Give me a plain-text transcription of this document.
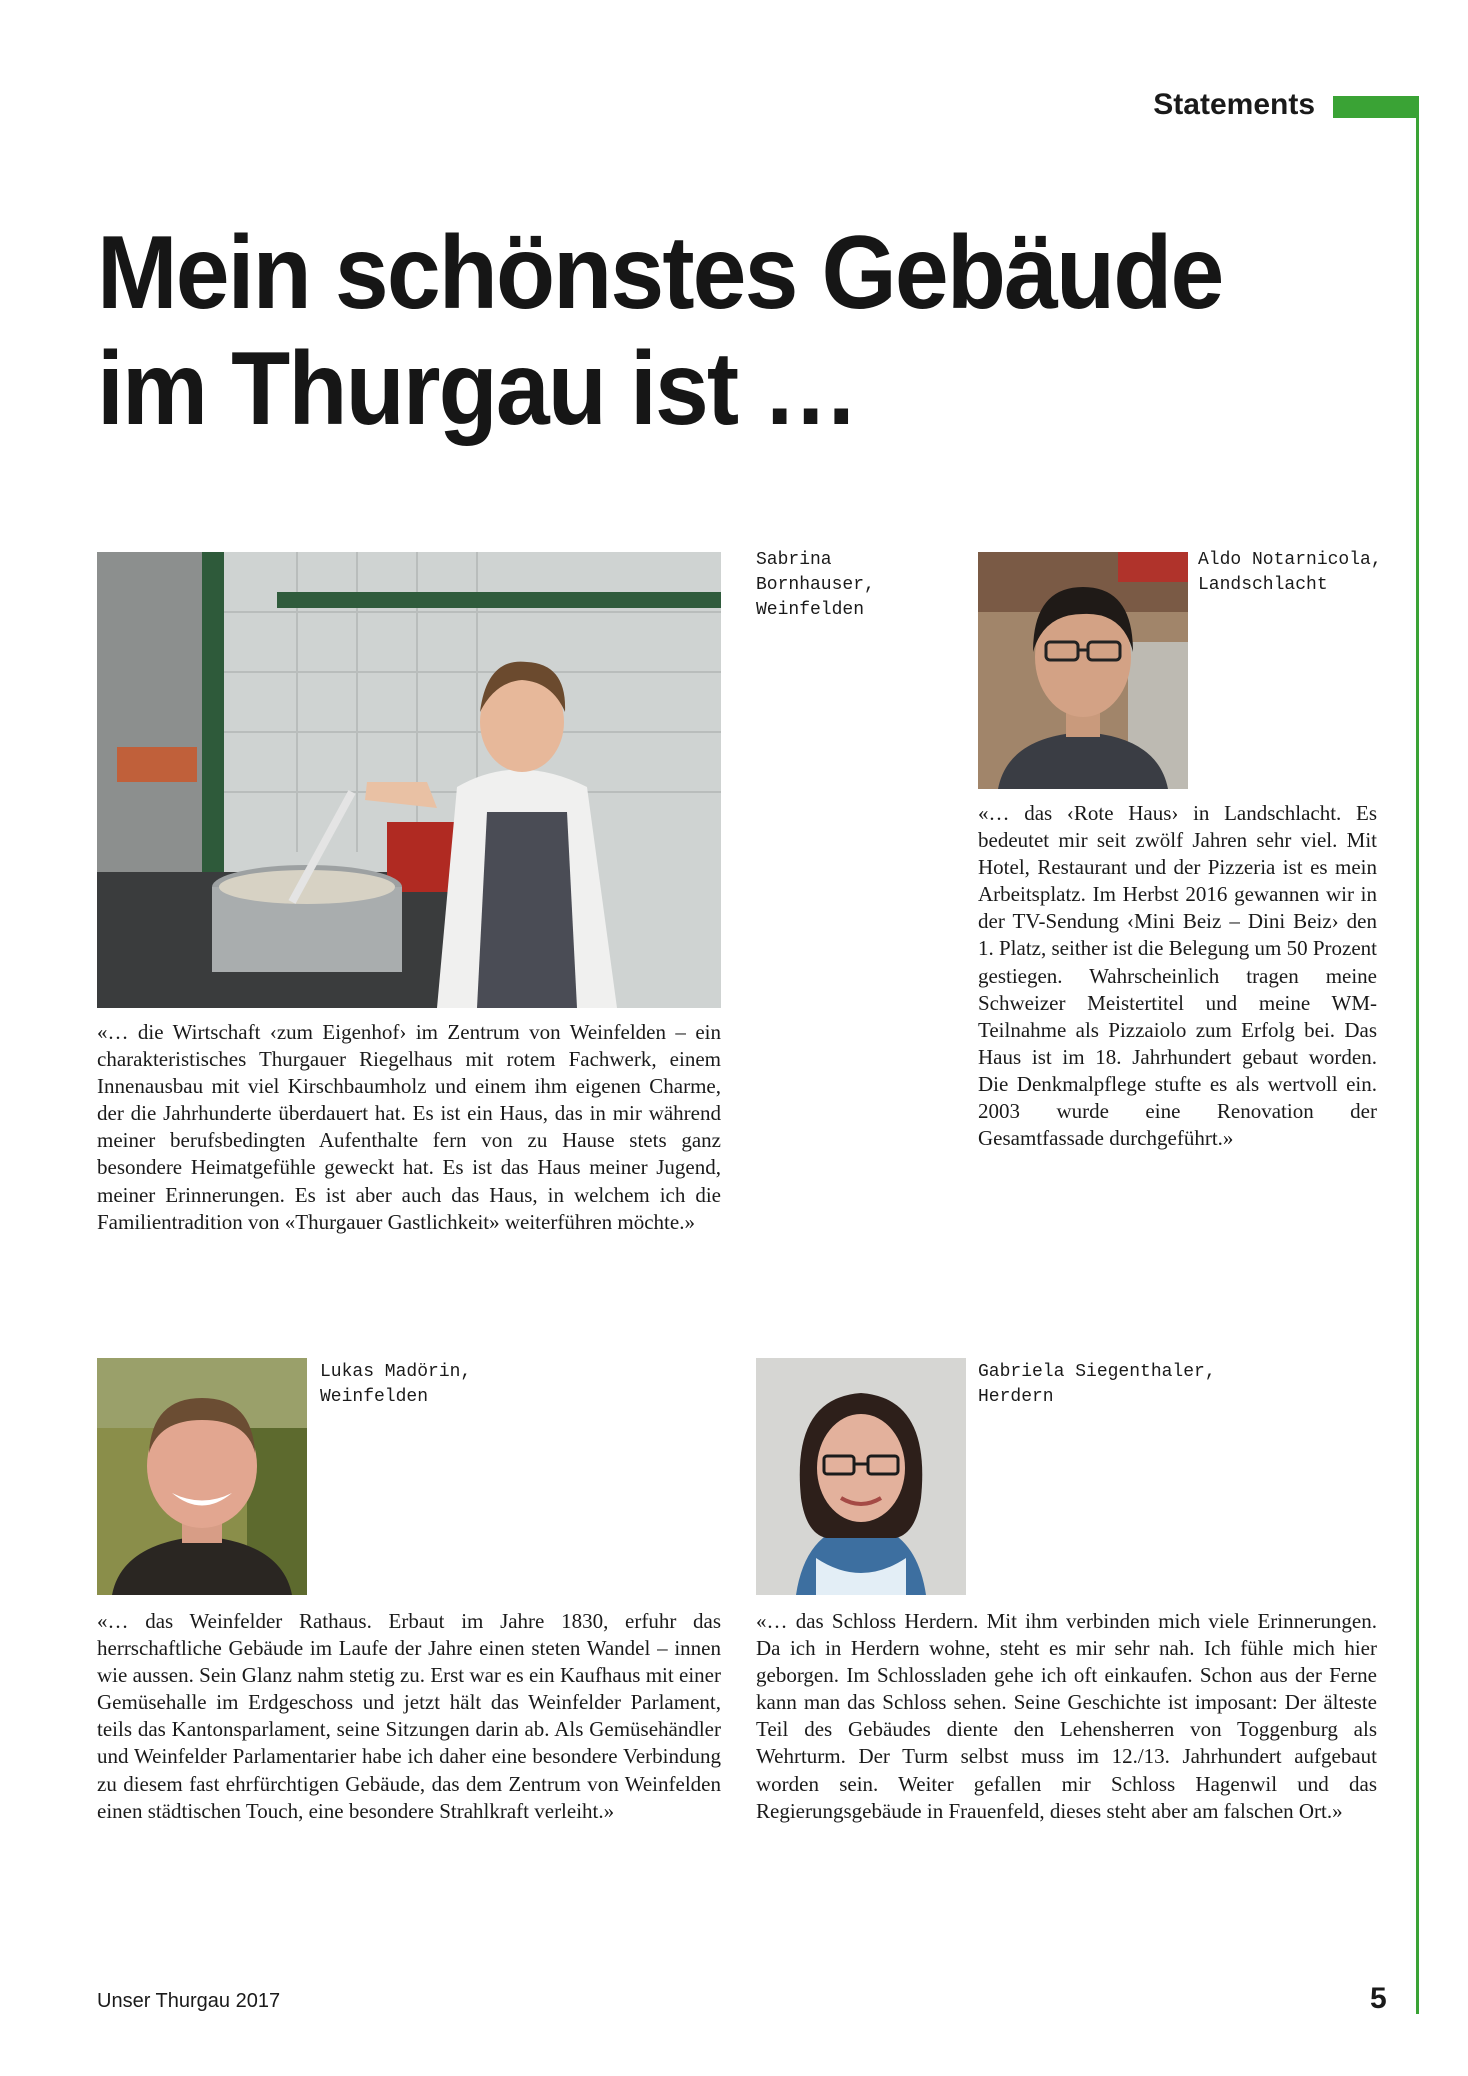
Statements
Mein schönstes Gebäude
im Thurgau ist …
Sabrina Bornhauser,
Weinfelden

«… die Wirtschaft ‹zum Eigenhof› im Zentrum von Weinfelden – ein charakteristisches Thurgauer Riegelhaus mit rotem Fachwerk, einem Innenausbau mit viel Kirschbaumholz und einem ihm eigenen Charme, der die Jahrhunderte überdauert hat. Es ist ein Haus, das in mir während meiner berufsbedingten Aufenthalte fern von zu Hause stets ganz besondere Heimatgefühle geweckt hat. Es ist das Haus meiner Jugend, meiner Erinnerungen. Es ist aber auch das Haus, in welchem ich die Familientradition von «Thurgauer Gastlichkeit» weiterführen möchte.»

Aldo Notarnicola,
Landschlacht

«… das ‹Rote Haus› in Landschlacht. Es bedeutet mir seit zwölf Jahren sehr viel. Mit Hotel, Restaurant und der Pizzeria ist es mein Arbeitsplatz. Im Herbst 2016 gewannen wir in der TV-Sendung ‹Mini Beiz – Dini Beiz› den 1. Platz, seither ist die Belegung um 50 Prozent gestiegen. Wahrscheinlich tragen meine Schweizer Meistertitel und meine WM-Teilnahme als Pizzaiolo zum Erfolg bei. Das Haus ist im 18. Jahrhundert gebaut worden. Die Denkmalpflege stufte es als wertvoll ein. 2003 wurde eine Renovation der Gesamtfassade durchgeführt.»

Lukas Madörin,
Weinfelden

«… das Weinfelder Rathaus. Erbaut im Jahre 1830, erfuhr das herrschaftliche Gebäude im Laufe der Jahre einen steten Wandel – innen wie aussen. Sein Glanz nahm stetig zu. Erst war es ein Kaufhaus mit einer Gemüsehalle im Erdgeschoss und jetzt hält das Weinfelder Parlament, teils das Kantonsparlament, seine Sitzungen darin ab. Als Gemüsehändler und Weinfelder Parlamentarier habe ich daher eine besondere Verbindung zu diesem fast ehrfürchtigen Gebäude, das dem Zentrum von Weinfelden einen städtischen Touch, eine besondere Strahlkraft verleiht.»

Gabriela Siegenthaler,
Herdern

«… das Schloss Herdern. Mit ihm verbinden mich viele Erinnerungen. Da ich in Herdern wohne, steht es mir sehr nah. Ich fühle mich hier geborgen. Im Schlossladen gehe ich oft einkaufen. Schon aus der Ferne kann man das Schloss sehen. Seine Geschichte ist imposant: Der älteste Teil des Gebäudes diente den Lehensherren von Toggenburg als Wehrturm. Der Turm selbst muss im 12./13. Jahrhundert aufgebaut worden sein. Weiter gefallen mir Schloss Hagenwil und das Regierungsgebäude in Frauenfeld, dieses steht aber am falschen Ort.»

Unser Thurgau 2017	5
